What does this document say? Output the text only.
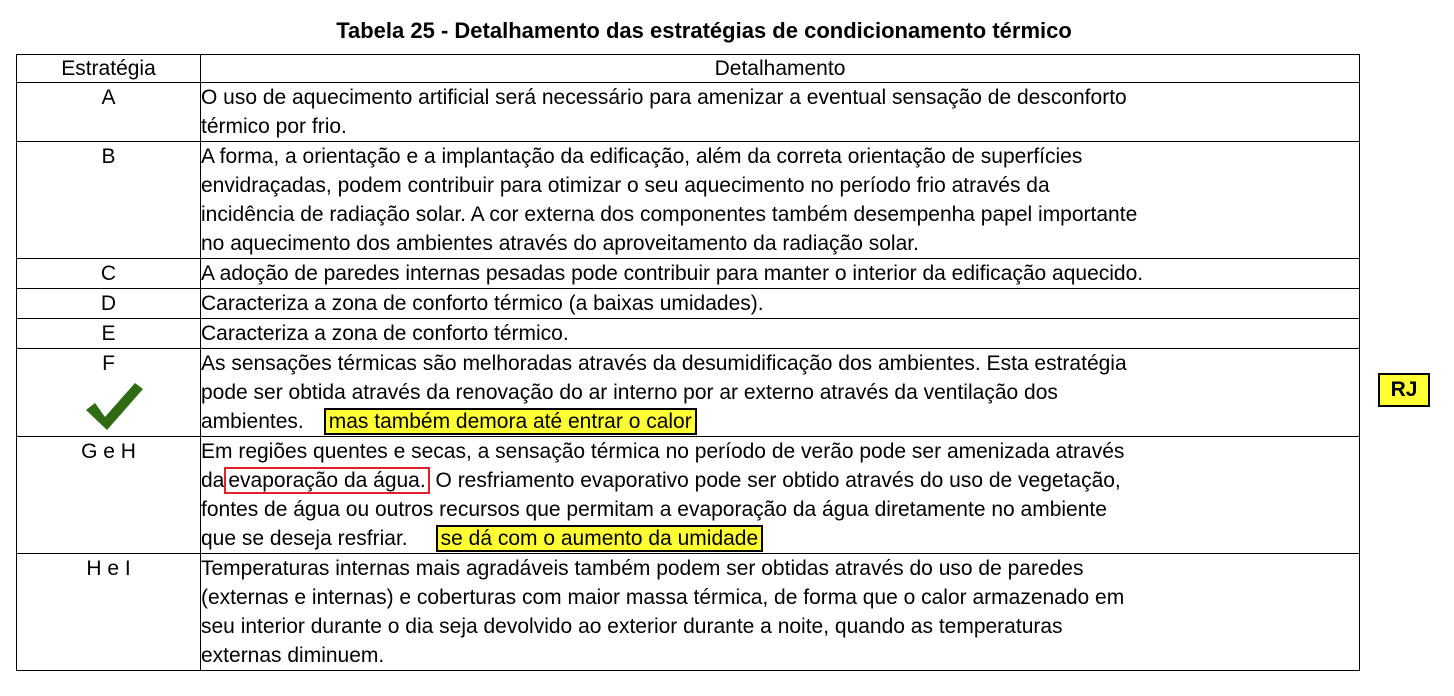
Tabela 25 - Detalhamento das estratégias de condicionamento térmico
Estratégia	Detalhamento
A	O uso de aquecimento artificial será necessário para amenizar a eventual sensação de desconforto
térmico por frio.
B	A forma, a orientação e a implantação da edificação, além da correta orientação de superfícies
envidraçadas, podem contribuir para otimizar o seu aquecimento no período frio através da
incidência de radiação solar. A cor externa dos componentes também desempenha papel importante
no aquecimento dos ambientes através do aproveitamento da radiação solar.
C	A adoção de paredes internas pesadas pode contribuir para manter o interior da edificação aquecido.
D	Caracteriza a zona de conforto térmico (a baixas umidades).
E	Caracteriza a zona de conforto térmico.
F	As sensações térmicas são melhoradas através da desumidificação dos ambientes. Esta estratégia
pode ser obtida através da renovação do ar interno por ar externo através da ventilação dos
ambientes. mas também demora até entrar o calor
G e H	Em regiões quentes e secas, a sensação térmica no período de verão pode ser amenizada através
da evaporação da água. O resfriamento evaporativo pode ser obtido através do uso de vegetação,
fontes de água ou outros recursos que permitam a evaporação da água diretamente no ambiente
que se deseja resfriar. se dá com o aumento da umidade
H e I	Temperaturas internas mais agradáveis também podem ser obtidas através do uso de paredes
(externas e internas) e coberturas com maior massa térmica, de forma que o calor armazenado em
seu interior durante o dia seja devolvido ao exterior durante a noite, quando as temperaturas
externas diminuem.
RJ
